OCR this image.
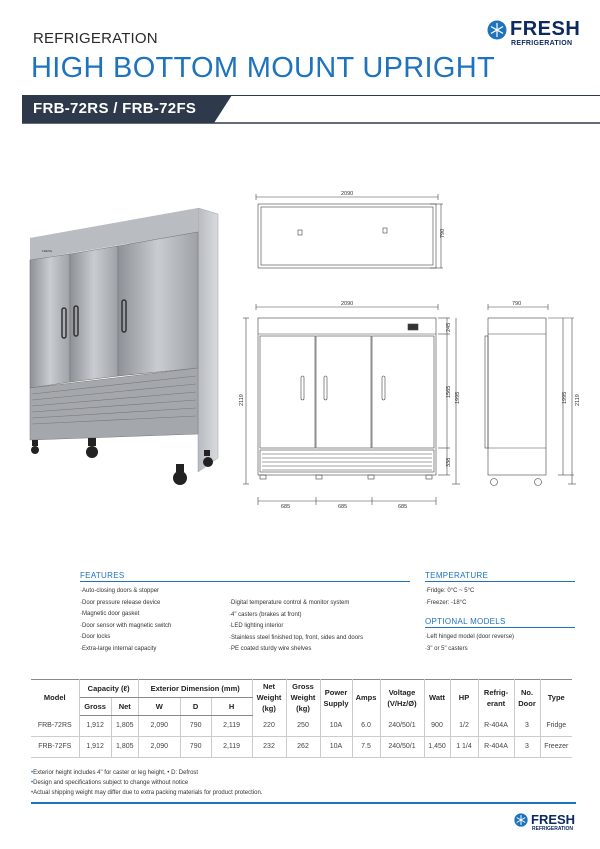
REFRIGERATION
HIGH BOTTOM MOUNT UPRIGHT
FRESH
REFRIGERATION
FRB-72RS / FRB-72FS
FRESH
2090
790
2090
2119
245
1565
338
1995
685	685	685
790
1995 2119
FEATURES
· Auto-closing doors & stopper
· Door pressure release device
· Magnetic door gasket
· Door sensor with magnetic switch
· Door locks
· Extra-large internal capacity
· Digital temperature control & monitor system
· 4" casters (brakes at front)
· LED lighting interior
· Stainless steel finished top, front, sides and doors
· PE coated sturdy wire shelves
TEMPERATURE
· Fridge: 0°C ~ 5°C
· Freezer: -18°C
OPTIONAL MODELS
· Left hinged model (door reverse)
· 3" or 5" casters
Model	Capacity (ℓ)		Exterior Dimension (mm)			Net Weight (kg)	Gross Weight (kg)	Power Supply	Amps	Voltage (V/Hz/Ø)	Watt	HP	Refrig-erant	No. Door	Type
	Gross	Net	W	D	H										
FRB-72RS	1,912	1,805	2,090	790	2,119	220	250	10A	6.0	240/50/1	900	1/2	R-404A	3	Fridge
FRB-72FS	1,912	1,805	2,090	790	2,119	232	262	10A	7.5	240/50/1	1,450	1 1/4	R-404A	3	Freezer
• Exterior height includes 4" for caster or leg height, • D: Defrost
• Design and specifications subject to change without notice
• Actual shipping weight may differ due to extra packing materials for product protection.
FRESH
REFRIGERATION
